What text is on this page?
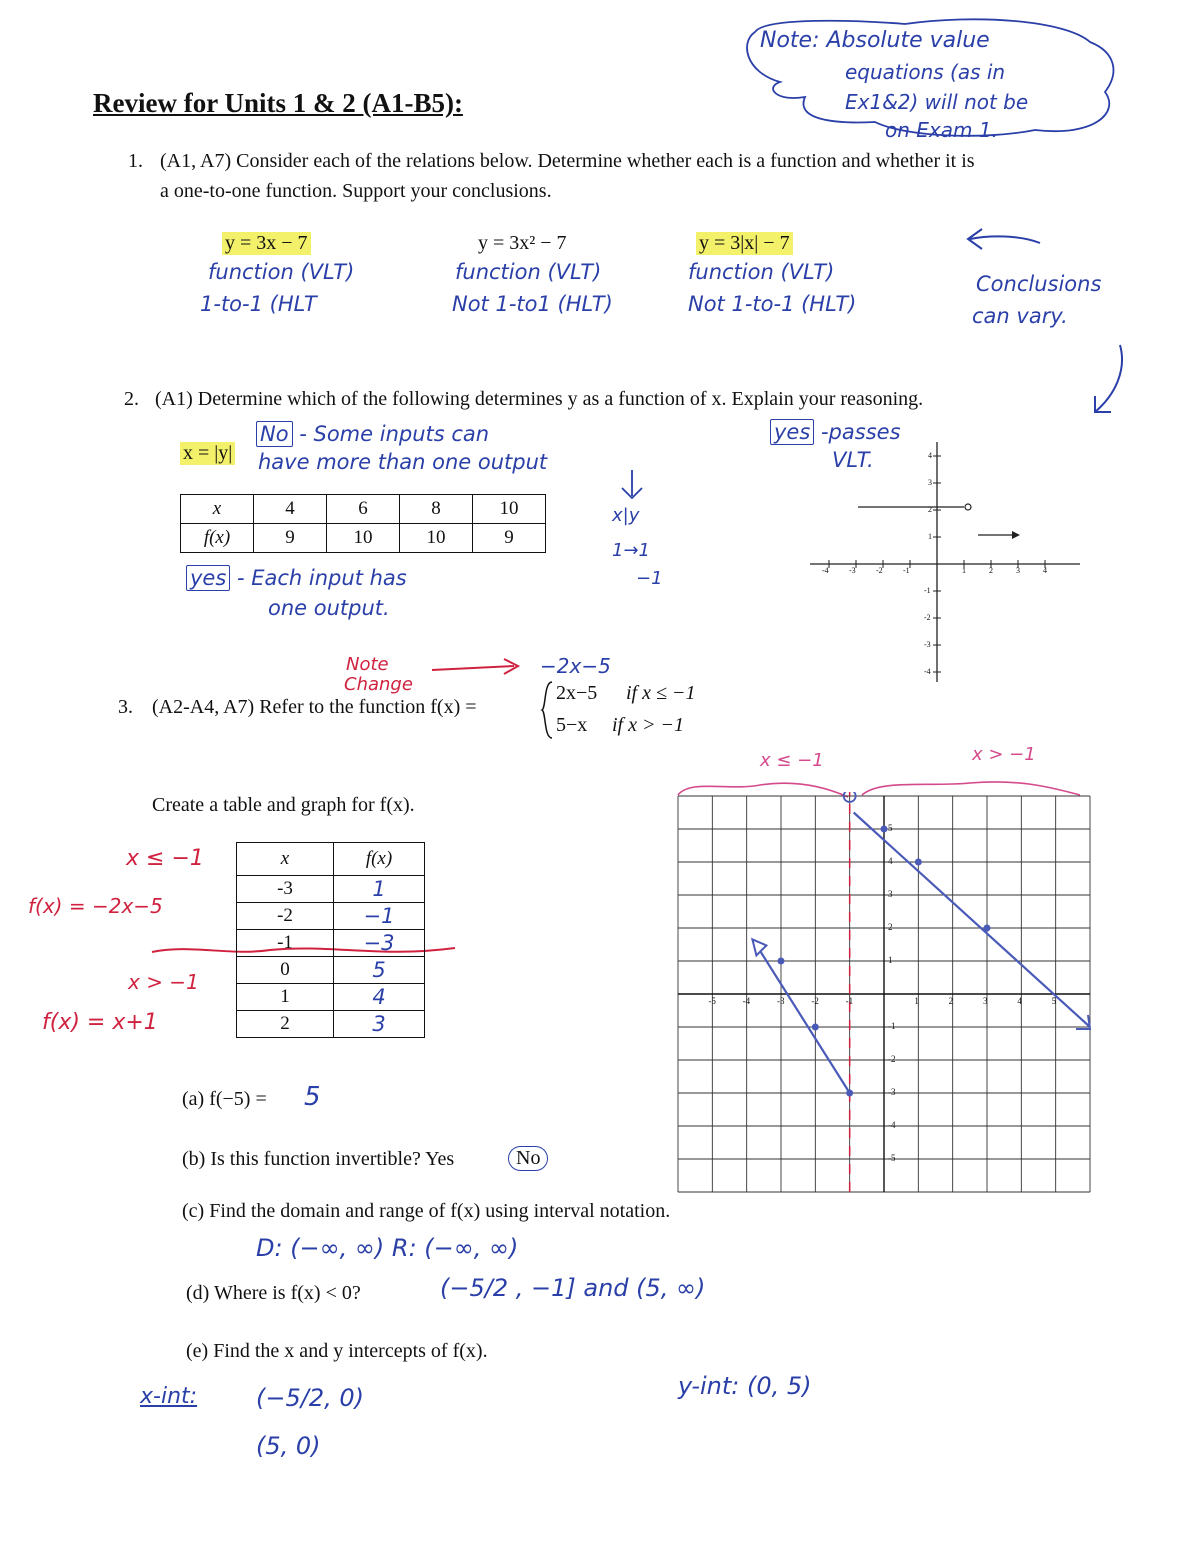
Review for Units 1 & 2 (A1-B5):
Note: Absolute value
equations (as in
Ex1&2) will not be
on Exam 1.
1. (A1, A7) Consider each of the relations below. Determine whether each is a function and whether it is
a one-to-one function. Support your conclusions.
y = 3x − 7
function (VLT)
1-to-1 (HLT
y = 3x² − 7
function (VLT)
Not 1-to1 (HLT)
y = 3|x| − 7
function (VLT)
Not 1-to-1 (HLT)
Conclusions
can vary.
2. (A1) Determine which of the following determines y as a function of x. Explain your reasoning.
x = |y|
No - Some inputs can
have more than one output
x	4	6	8	10
f(x)	9	10	10	9
yes - Each input has
one output.
x|y
1→1
−1
yes -passes
VLT.
-4	-3	-2	-1	1	2	3	4
4
3
2
1
-1
-2
-3
-4
Note
Change
−2x−5
3. (A2-A4, A7) Refer to the function f(x) =
2x−5 if x ≤ −1
5−x if x > −1
Create a table and graph for f(x).
x ≤ −1
f(x) = −2x−5
x > −1
f(x) = x+1
x	f(x)
-3	1
-2	−1
-1	−3
0	5
1	4
2	3
x ≤ −1	x > −1
-5	-4	-3	-2	-1	1	2	3	4	5
5
4
3
2
1
-1
-2
-3
-4
-5
(a) f(−5) = 5
(b) Is this function invertible? Yes	No
(c) Find the domain and range of f(x) using interval notation.
D: (−∞, ∞) R: (−∞, ∞)
(d) Where is f(x) < 0?	(−5/2 , −1] and (5, ∞)
(e) Find the x and y intercepts of f(x).
x-int: (−5/2, 0)
(5, 0)
y-int: (0, 5)
